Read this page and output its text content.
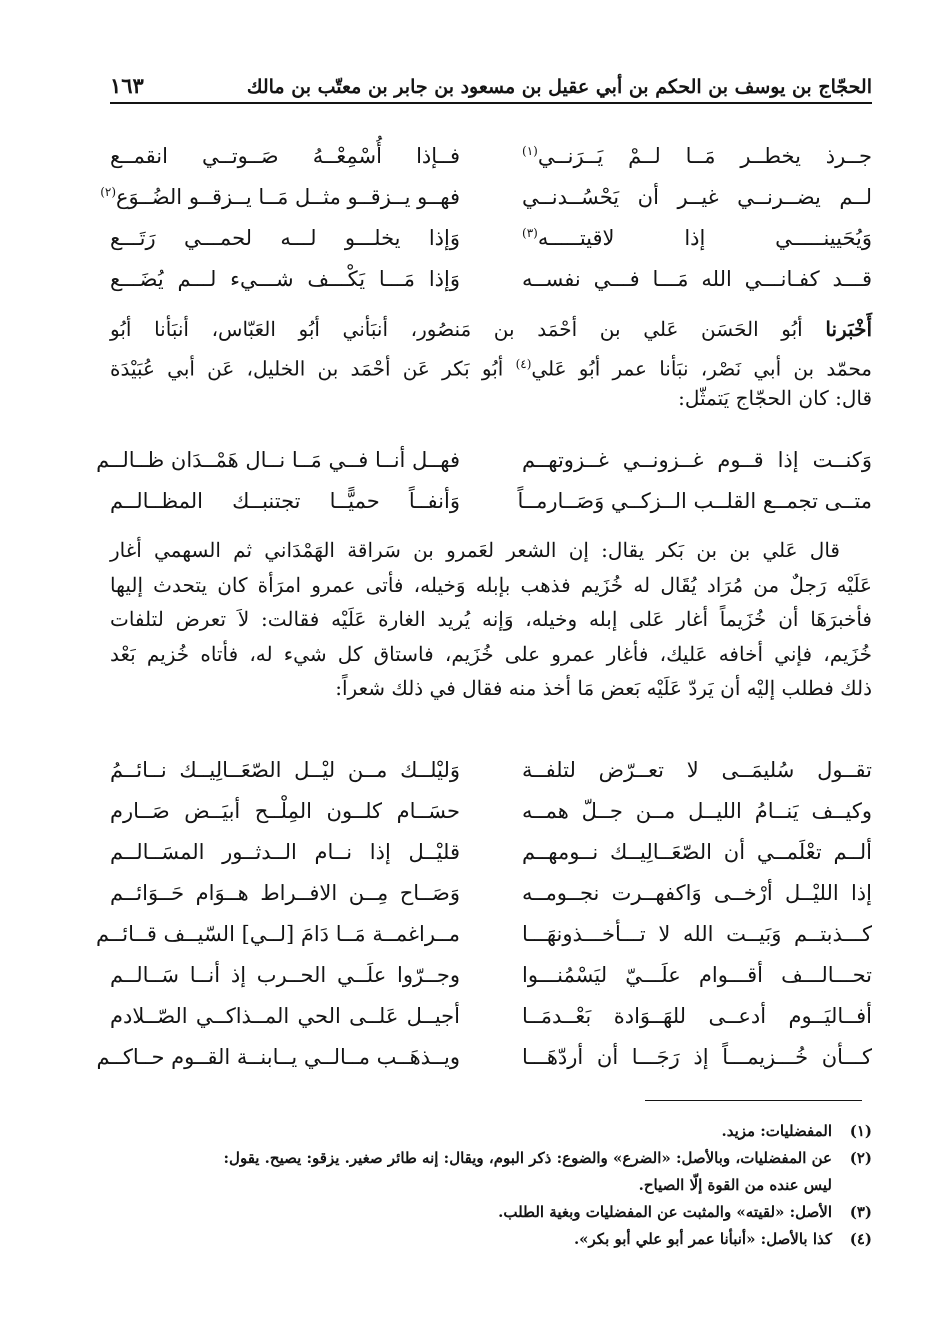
الحجّاج بن يوسف بن الحكم بن أبي عقيل بن مسعود بن جابر بن معتّب بن مالك
١٦٣
جــرذ يخطــر مَــا لــمْ يَــرَنــي$^{(١)}$
فــإذا أُسْمِعْــهُ صَــوتــي انقمــع
لــم يضــرنــي غيــر أن يَحْسُــدنــي
فهــو يــزقــو مثــل مَــا يــزقــو الضُــوَع$^{(٢)}$
وَيُحَيينـــــي إذا لاقيتـــــه$^{(٣)}$
وَإذا يخلـــو لـــه لحمـــي رَتَـــع
قـــد كفـانـــي الله مَـــا فـــي نفســه
وَإذا مَـــا يَكْـــف شـــيء لـــم يُضَـــع
أَخْبَرنا أبُو الحَسَن عَلي بن أحْمَد بن مَنصُور، أنبَأني أبُو العَبّاس، أنبَأنا أبُو
محمّد بن أبي نَصْر، نبَأنا عمر أبُو عَلي$^{(٤)}$ أبُو بَكر عَن أحْمَد بن الخليل، عَن أبي عُبَيْدَة
قال: كان الحجّاج يَتمثّل:
وَكنــت إذا قــوم غــزونــي غــزوتهــم
فهــل أنــا فــي مَــا نــال هَمْــدَان ظــالــم
متــى تجمــع القلــب الــزكــي وَصَــارمــاً
وَأنفــاً حميًّــا تجتنبــك المظــالــم
قال عَلي بن بن بَكر يقال: إن الشعر لعَمرو بن سَراقة الهَمْدَاني ثم السهمي أغار
عَلَيْه رَجلٌ من مُرَاد يُقَال له خُزَيم فذهب بإبله وَخيله، فأتى عمرو امرَأة كان يتحدث إليها
فأخبرَهَا أن خُزَيماً أغار عَلى إبله وخيله، وَإنه يُريد الغارة عَلَيْه فقالت: لاَ تعرض لتلفات
خُزَيم، فإني أخافه عَليك، فأغار عمرو على خُزَيم، فاستاق كل شيء له، فأتاه خُزيم بَعْد
ذلك فطلب إليْه أن يَردّ عَلَيْه بَعض مَا أخذ منه فقال في ذلك شعراً:
تقــول سُليمَــى لا تعــرّض لتلفــة
وَليْلــك مــن ليْــل الصّعَــالِيــك نــائــمُ
وكيــف يَنــامُ الليــل مــن جــلّ همــه
حسَــام كلــون المِلْــح أبيَــض صَــارم
ألــم تعْلَمــي أن الصّعَــالِيــك نــومهــم
قليْــل إذا نــام الــدثــور المسَــالــم
إذا الليْــل أرْخــى وَاكفهــرت نجــومــه
وَصَــاح مِــن الافــراط هــوَام حَــوَائــم
كـــذبتــم وَبَيــت الله لا تـــأخـــذونهَـــا
مــراغمــة مَــا دَامَ [لــي] السّيــف قــائــم
تحـــالـــف أقـــوام علَـــيّ ليَسْمُنـــوا
وجــرّوا علَــي الحــرب إذ أنــا سَــالــم
أفــاليَــوم أدعــى للهَــوَادة بَعْــدمَــا
أجيــل عَلــى الحي المــذاكــي الصّــلادم
كـــأن خُـــزيمـــاً إذ رَجَـــا أن أردّهَـــا
ويــذهَــب مــالــي يــابنــة القــوم حــاكــم
(١)
المفضليات: مزيد.
(٢)
عن المفضليات، وبالأصل: «الضرع» والضوع: ذكر البوم، ويقال: إنه طائر صغير. يزقو: يصيح. يقول:
ليس عنده من القوة إلّا الصياح.
(٣)
الأصل: «لقيته» والمثبت عن المفضليات وبغية الطلب.
(٤)
كذا بالأصل: «أنبأنا عمر أبو علي أبو بكر».
